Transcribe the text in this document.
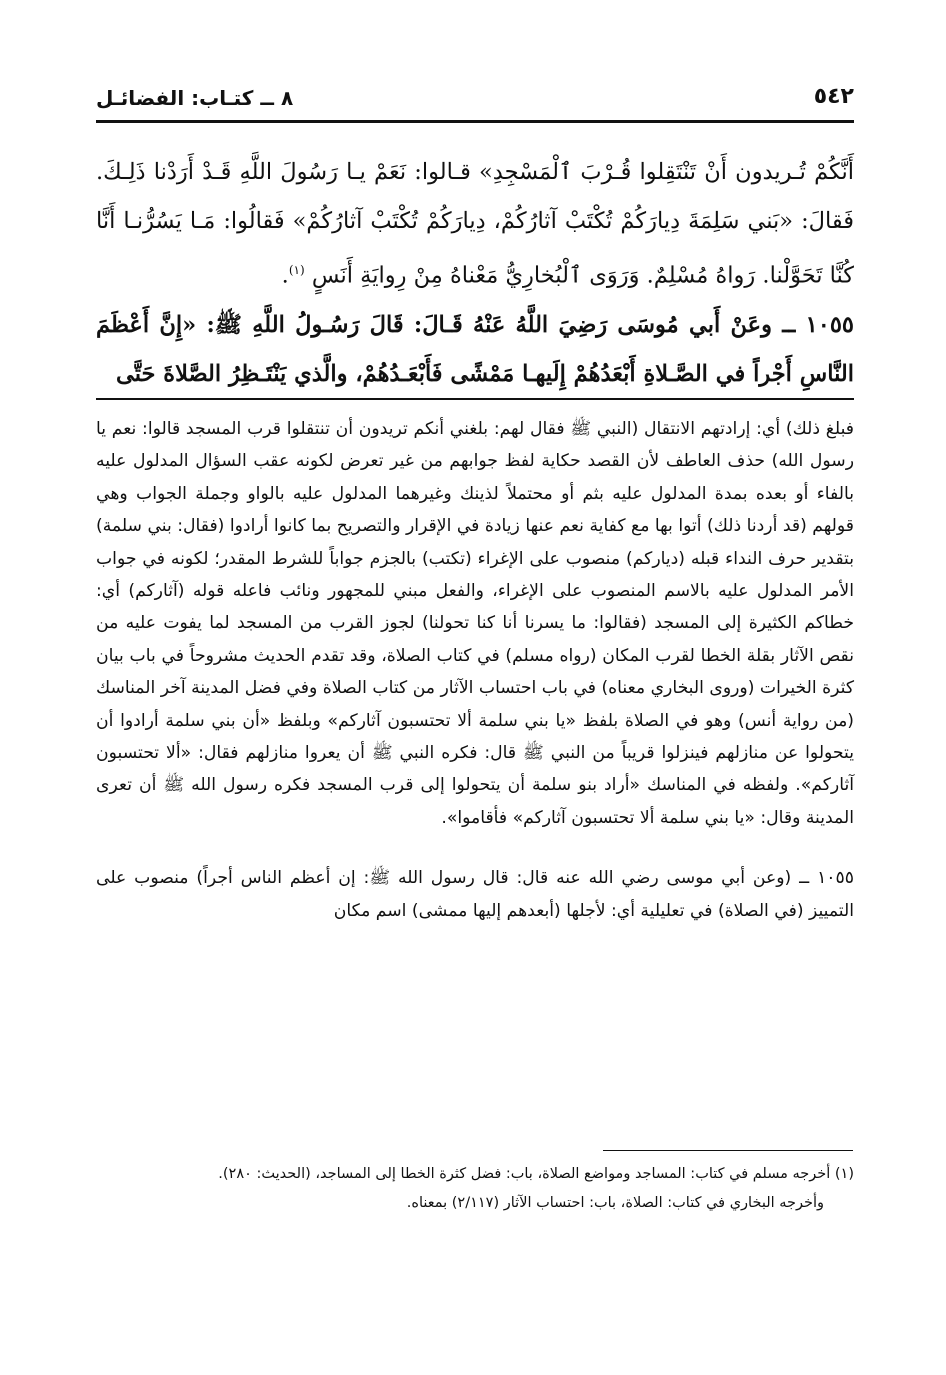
٥٤٢
٨ ــ كتـاب: الفضائـل

أَنَّكُمْ تُـريدون أَنْ تَنْتَقِلوا قُـرْبَ ٱلْمَسْجِدِ» قـالوا: نَعَمْ يـا رَسُولَ اللَّهِ قَـدْ أَرَدْنا ذَلِـكَ. فَقالَ: «بَني سَلِمَةَ دِيارَكُمْ تُكْتَبْ آثارُكُمْ، دِيارَكُمْ تُكْتَبْ آثارُكُمْ» فَقالُوا: مَـا يَسُرُّنـا أَنَّا كُنَّا تَحَوَّلْنا. رَواهُ مُسْلِمٌ. وَرَوَى ٱلْبُخارِيُّ مَعْناهُ مِنْ رِوايَةِ أَنَسٍ $^{(١)}$.

١٠٥٥ ــ وعَنْ أَبي مُوسَى رَضِيَ اللَّهُ عَنْهُ قَـالَ: قَالَ رَسُـولُ اللَّهِ ﷺ: «إِنَّ أَعْظَمَ النَّاسِ أَجْراً في الصَّـلاةِ أَبْعَدُهُمْ إِلَيهـا مَمْشًى فَأَبْعَـدُهُمْ، والَّذي يَنْتَـظِرُ الصَّلاةَ حَتَّى

فبلغ ذلك) أي: إرادتهم الانتقال (النبي ﷺ فقال لهم: بلغني أنكم تريدون أن تنتقلوا قرب المسجد قالوا: نعم يا رسول الله) حذف العاطف لأن القصد حكاية لفظ جوابهم من غير تعرض لكونه عقب السؤال المدلول عليه بالفاء أو بعده بمدة المدلول عليه بثم أو محتملاً لذينك وغيرهما المدلول عليه بالواو وجملة الجواب وهي قولهم (قد أردنا ذلك) أتوا بها مع كفاية نعم عنها زيادة في الإقرار والتصريح بما كانوا أرادوا (فقال: بني سلمة) بتقدير حرف النداء قبله (دياركم) منصوب على الإغراء (تكتب) بالجزم جواباً للشرط المقدر؛ لكونه في جواب الأمر المدلول عليه بالاسم المنصوب على الإغراء، والفعل مبني للمجهور ونائب فاعله قوله (آثاركم) أي: خطاكم الكثيرة إلى المسجد (فقالوا: ما يسرنا أنا كنا تحولنا) لجوز القرب من المسجد لما يفوت عليه من نقص الآثار بقلة الخطا لقرب المكان (رواه مسلم) في كتاب الصلاة، وقد تقدم الحديث مشروحاً في باب بيان كثرة الخيرات (وروى البخاري معناه) في باب احتساب الآثار من كتاب الصلاة وفي فضل المدينة آخر المناسك (من رواية أنس) وهو في الصلاة بلفظ «يا بني سلمة ألا تحتسبون آثاركم» وبلفظ «أن بني سلمة أرادوا أن يتحولوا عن منازلهم فينزلوا قريباً من النبي ﷺ قال: فكره النبي ﷺ أن يعروا منازلهم فقال: «ألا تحتسبون آثاركم». ولفظه في المناسك «أراد بنو سلمة أن يتحولوا إلى قرب المسجد فكره رسول الله ﷺ أن تعرى المدينة وقال: «يا بني سلمة ألا تحتسبون آثاركم» فأقاموا».

١٠٥٥ ــ (وعن أبي موسى رضي الله عنه قال: قال رسول الله ﷺ: إن أعظم الناس أجراً) منصوب على التمييز (في الصلاة) في تعليلية أي: لأجلها (أبعدهم إليها ممشى) اسم مكان

(١) أخرجه مسلم في كتاب: المساجد ومواضع الصلاة، باب: فضل كثرة الخطا إلى المساجد، (الحديث: ٢٨٠).

وأخرجه البخاري في كتاب: الصلاة، باب: احتساب الآثار (٢/١١٧) بمعناه.
